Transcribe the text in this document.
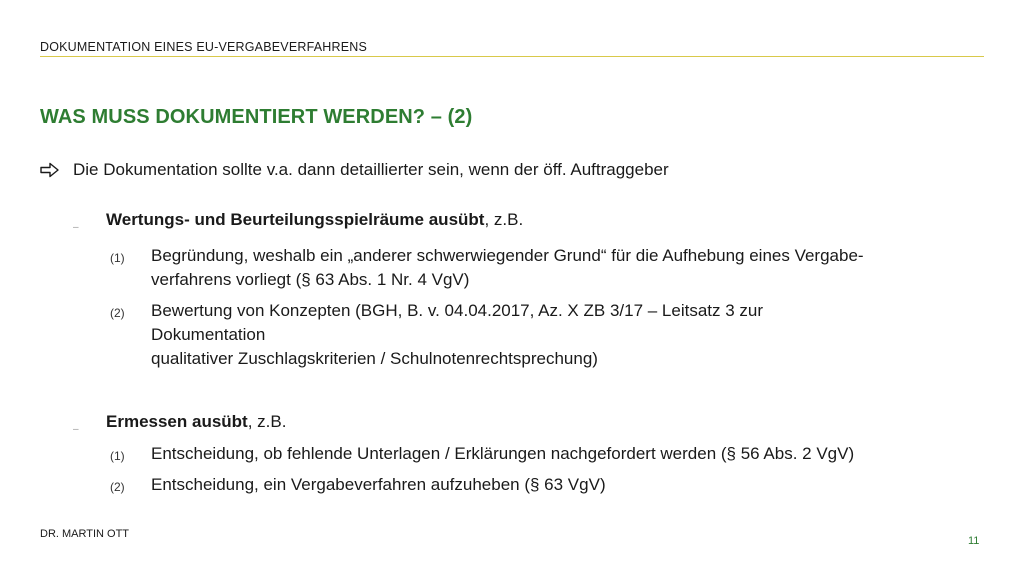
DOKUMENTATION EINES EU-VERGABEVERFAHRENS
WAS MUSS DOKUMENTIERT WERDEN? – (2)
Die Dokumentation sollte v.a. dann detaillierter sein, wenn der öff. Auftraggeber
– Wertungs- und Beurteilungsspielräume ausübt, z.B.
(1) Begründung, weshalb ein „anderer schwerwiegender Grund“ für die Aufhebung eines Vergabe-
verfahrens vorliegt (§ 63 Abs. 1 Nr. 4 VgV)
(2) Bewertung von Konzepten (BGH, B. v. 04.04.2017, Az. X ZB 3/17 – Leitsatz 3 zur
Dokumentation
qualitativer Zuschlagskriterien / Schulnotenrechtsprechung)
– Ermessen ausübt, z.B.
(1) Entscheidung, ob fehlende Unterlagen / Erklärungen nachgefordert werden (§ 56 Abs. 2 VgV)
(2) Entscheidung, ein Vergabeverfahren aufzuheben (§ 63 VgV)
DR. MARTIN OTT
11
